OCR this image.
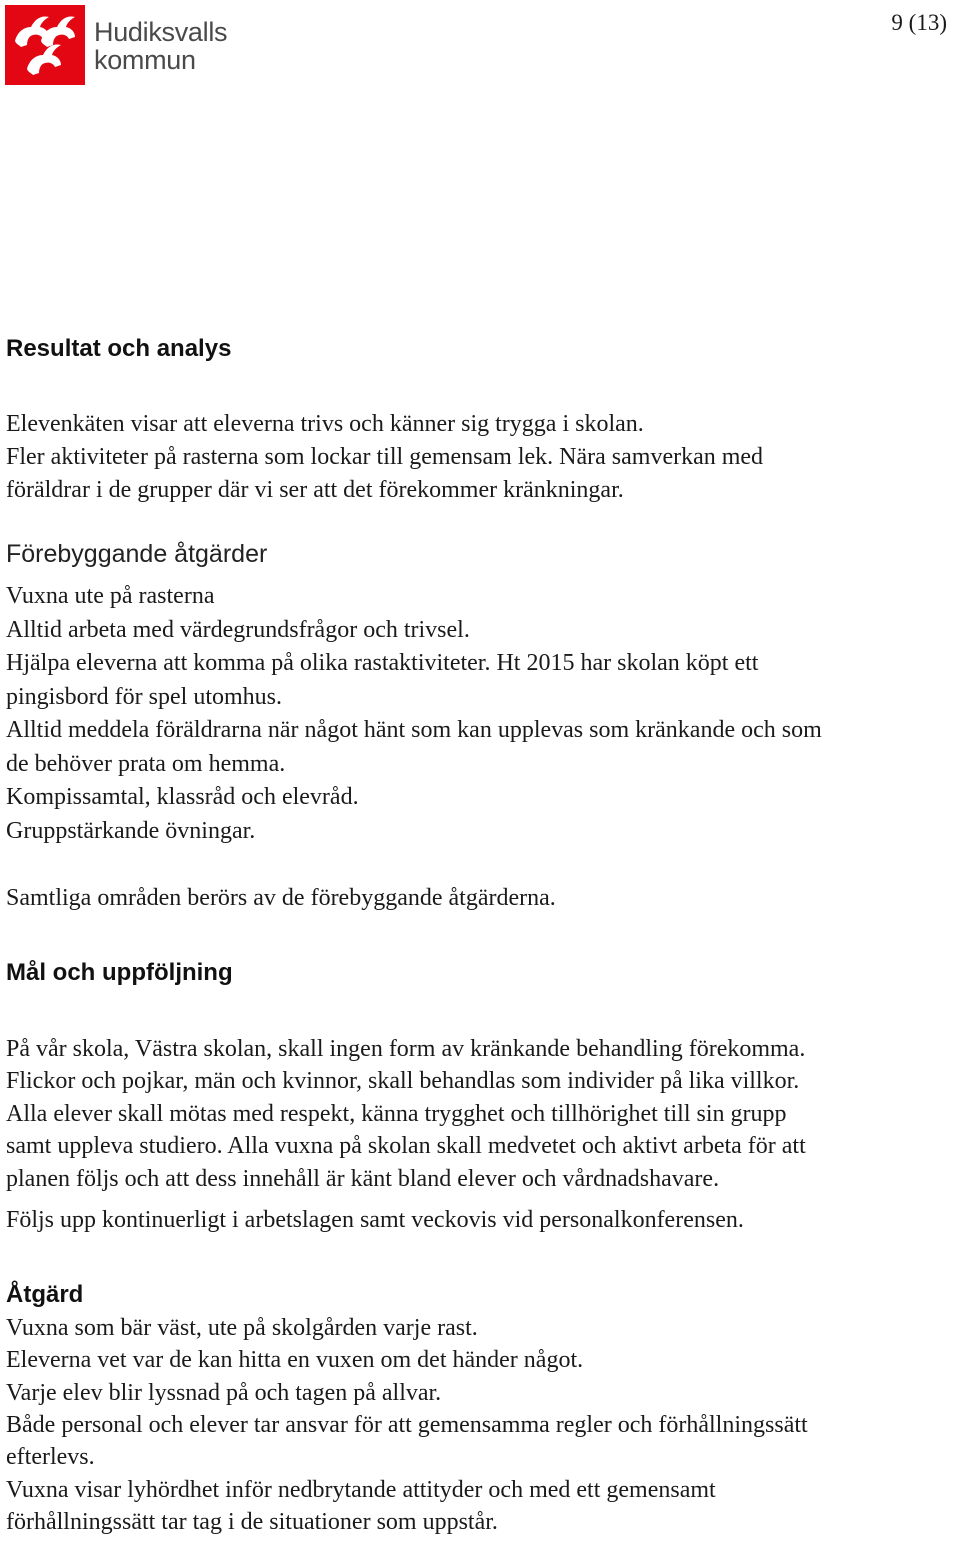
Hudiksvalls
kommun
9 (13)
Resultat och analys
Elevenkäten visar att eleverna trivs och känner sig trygga i skolan.
Fler aktiviteter på rasterna som lockar till gemensam lek. Nära samverkan med
föräldrar i de grupper där vi ser att det förekommer kränkningar.
Förebyggande åtgärder
Vuxna ute på rasterna
Alltid arbeta med värdegrundsfrågor och trivsel.
Hjälpa eleverna att komma på olika rastaktiviteter. Ht 2015 har skolan köpt ett
pingisbord för spel utomhus.
Alltid meddela föräldrarna när något hänt som kan upplevas som kränkande och som
de behöver prata om hemma.
Kompissamtal, klassråd och elevråd.
Gruppstärkande övningar.
Samtliga områden berörs av de förebyggande åtgärderna.
Mål och uppföljning
På vår skola, Västra skolan, skall ingen form av kränkande behandling förekomma.
Flickor och pojkar, män och kvinnor, skall behandlas som individer på lika villkor.
Alla elever skall mötas med respekt, känna trygghet och tillhörighet till sin grupp
samt uppleva studiero. Alla vuxna på skolan skall medvetet och aktivt arbeta för att
planen följs och att dess innehåll är känt bland elever och vårdnadshavare.
Följs upp kontinuerligt i arbetslagen samt veckovis vid personalkonferensen.
Åtgärd
Vuxna som bär väst, ute på skolgården varje rast.
Eleverna vet var de kan hitta en vuxen om det händer något.
Varje elev blir lyssnad på och tagen på allvar.
Både personal och elever tar ansvar för att gemensamma regler och förhållningssätt
efterlevs.
Vuxna visar lyhördhet inför nedbrytande attityder och med ett gemensamt
förhållningssätt tar tag i de situationer som uppstår.
